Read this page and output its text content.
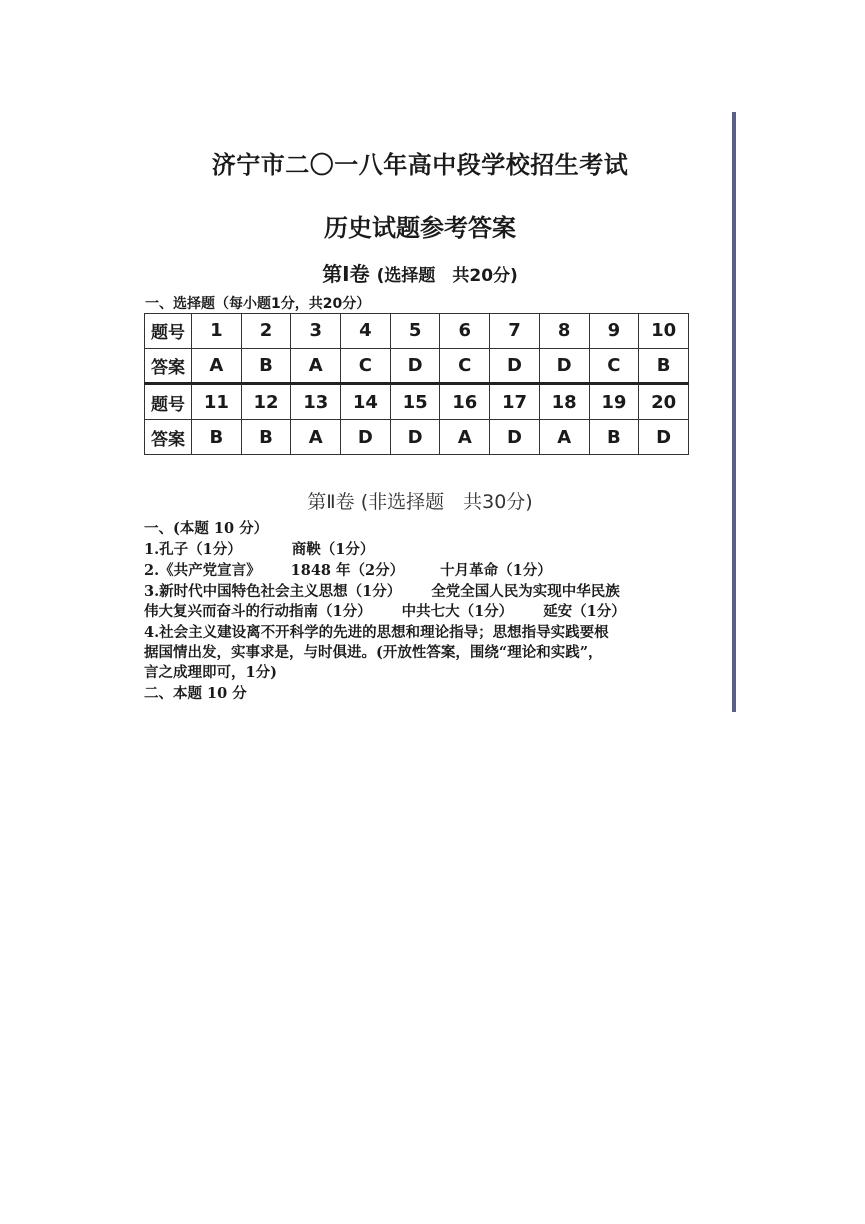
济宁市二〇一八年高中段学校招生考试
历史试题参考答案
第Ⅰ卷 (选择题　共20分)
一、选择题（每小题1分，共20分）
题号	1	2	3	4	5	6	7	8	9	10
答案	A	B	A	C	D	C	D	D	C	B
题号	11	12	13	14	15	16	17	18	19	20
答案	B	B	A	D	D	A	D	A	B	D
第Ⅱ卷 (非选择题　共30分)
一、(本题 10 分）
1.孔子（1分）	商鞅（1分）
2.《共产党宣言》 1848 年（2分） 十月革命（1分）
3.新时代中国特色社会主义思想（1分） 全党全国人民为实现中华民族
伟大复兴而奋斗的行动指南（1分） 中共七大（1分） 延安（1分）
4.社会主义建设离不开科学的先进的思想和理论指导；思想指导实践要根
据国情出发，实事求是，与时俱进。(开放性答案，围绕“理论和实践”，
言之成理即可，1分)
二、本题 10 分
